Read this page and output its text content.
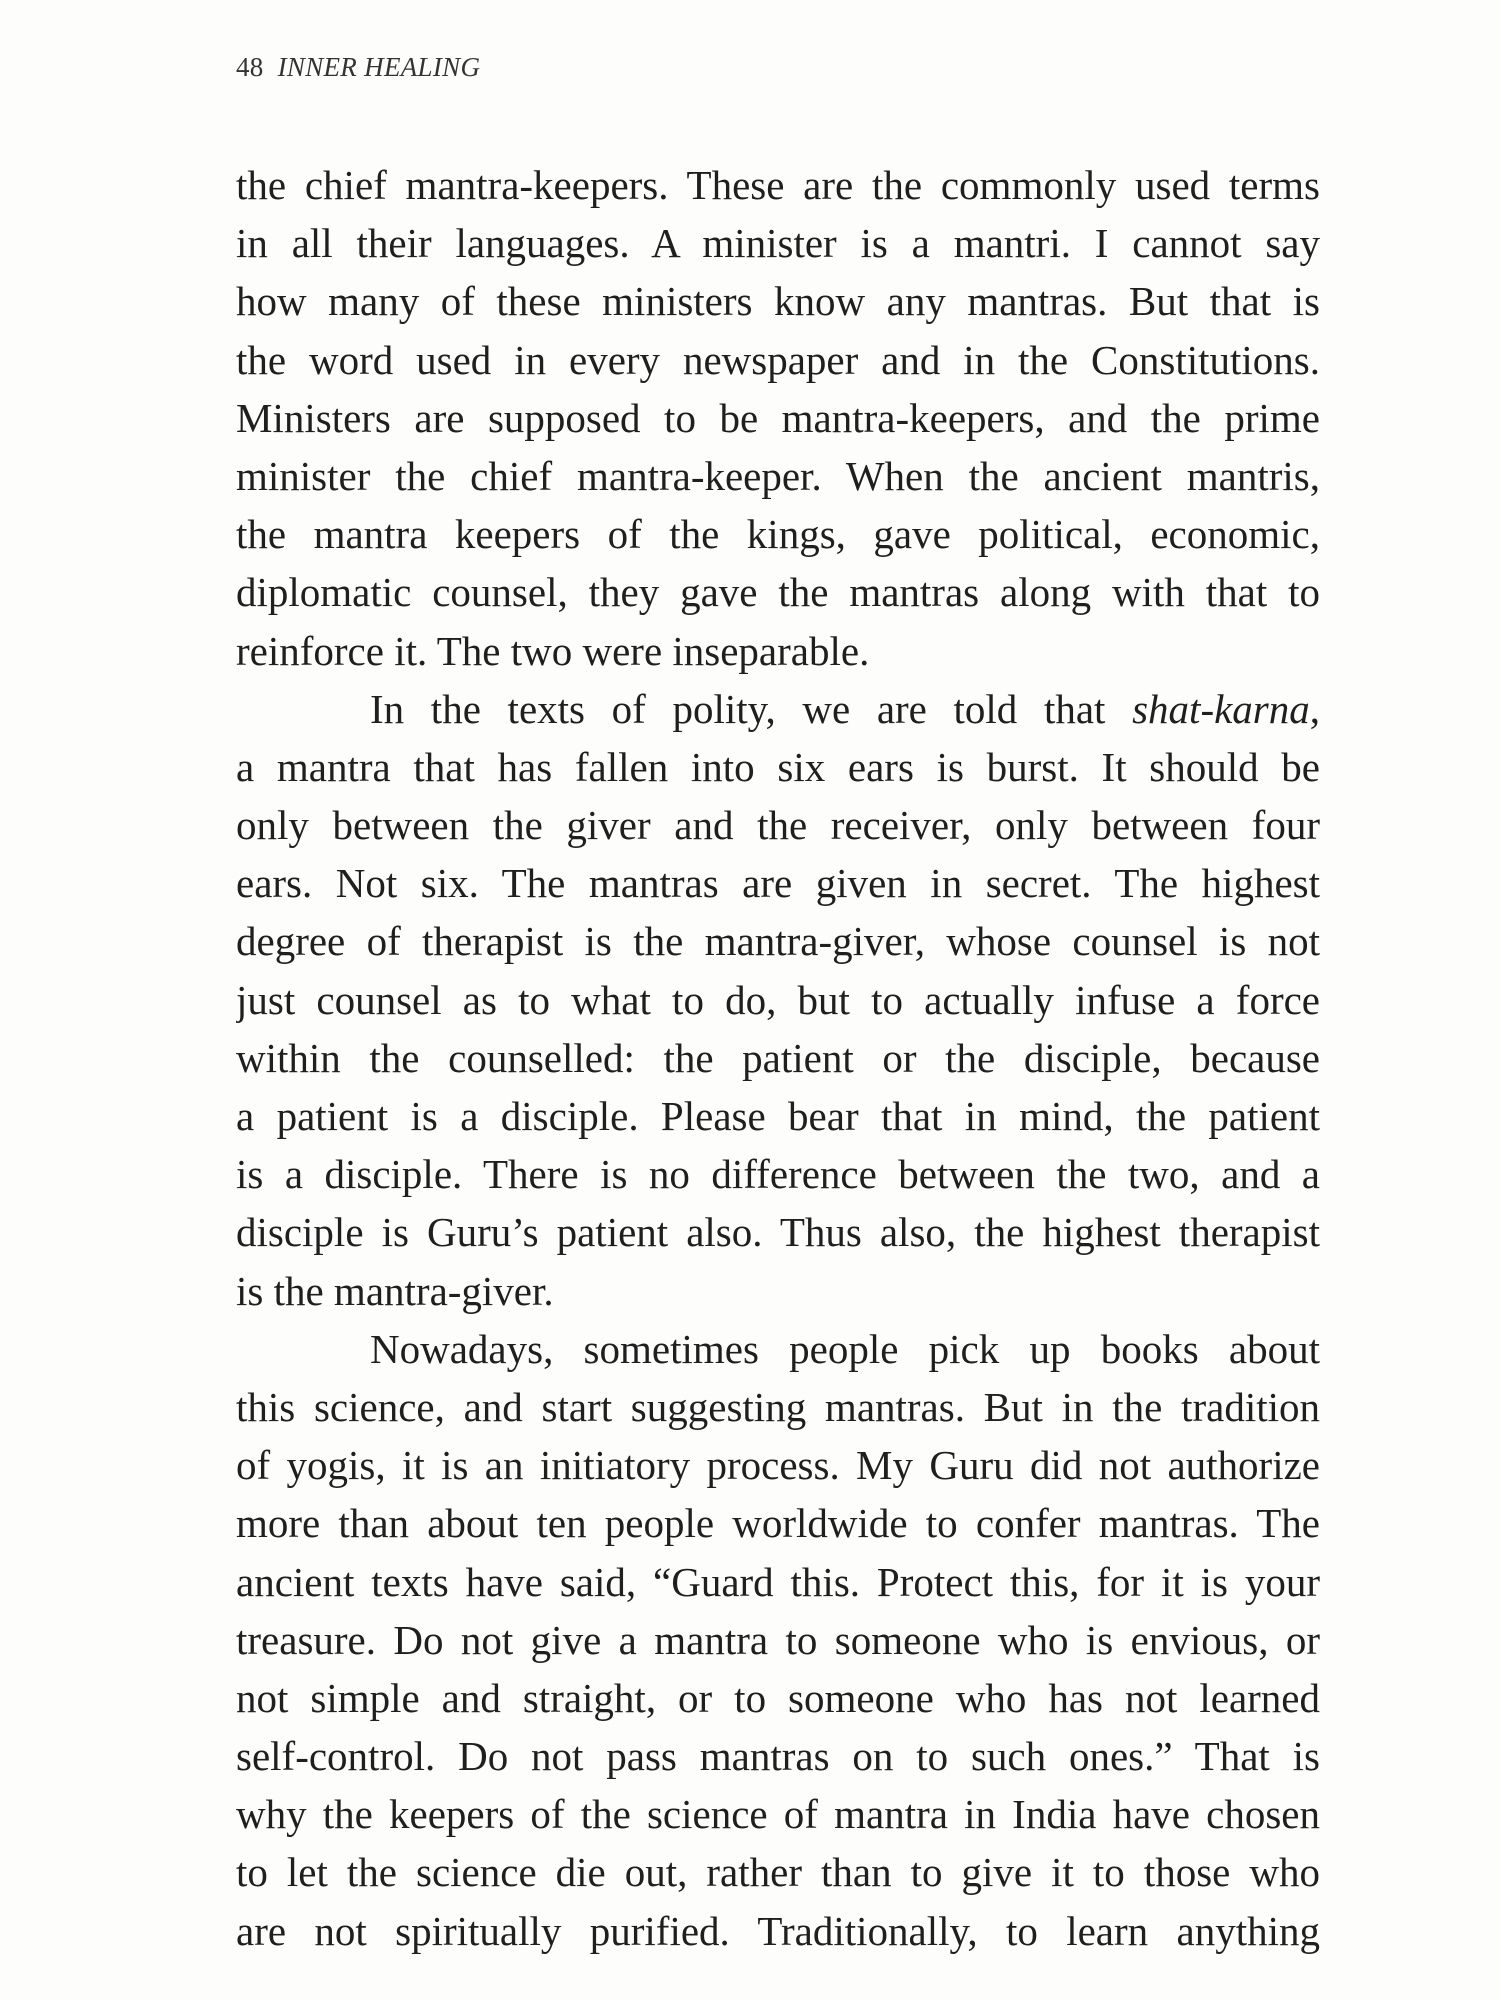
48 INNER HEALING
the chief mantra-keepers. These are the commonly used terms
in all their languages. A minister is a mantri. I cannot say
how many of these ministers know any mantras. But that is
the word used in every newspaper and in the Constitutions.
Ministers are supposed to be mantra-keepers, and the prime
minister the chief mantra-keeper. When the ancient mantris,
the mantra keepers of the kings, gave political, economic,
diplomatic counsel, they gave the mantras along with that to
reinforce it. The two were inseparable.
In the texts of polity, we are told that shat-karna,
a mantra that has fallen into six ears is burst. It should be
only between the giver and the receiver, only between four
ears. Not six. The mantras are given in secret. The highest
degree of therapist is the mantra-giver, whose counsel is not
just counsel as to what to do, but to actually infuse a force
within the counselled: the patient or the disciple, because
a patient is a disciple. Please bear that in mind, the patient
is a disciple. There is no difference between the two, and a
disciple is Guru’s patient also. Thus also, the highest therapist
is the mantra-giver.
Nowadays, sometimes people pick up books about
this science, and start suggesting mantras. But in the tradition
of yogis, it is an initiatory process. My Guru did not authorize
more than about ten people worldwide to confer mantras. The
ancient texts have said, “Guard this. Protect this, for it is your
treasure. Do not give a mantra to someone who is envious, or
not simple and straight, or to someone who has not learned
self-control. Do not pass mantras on to such ones.” That is
why the keepers of the science of mantra in India have chosen
to let the science die out, rather than to give it to those who
are not spiritually purified. Traditionally, to learn anything
